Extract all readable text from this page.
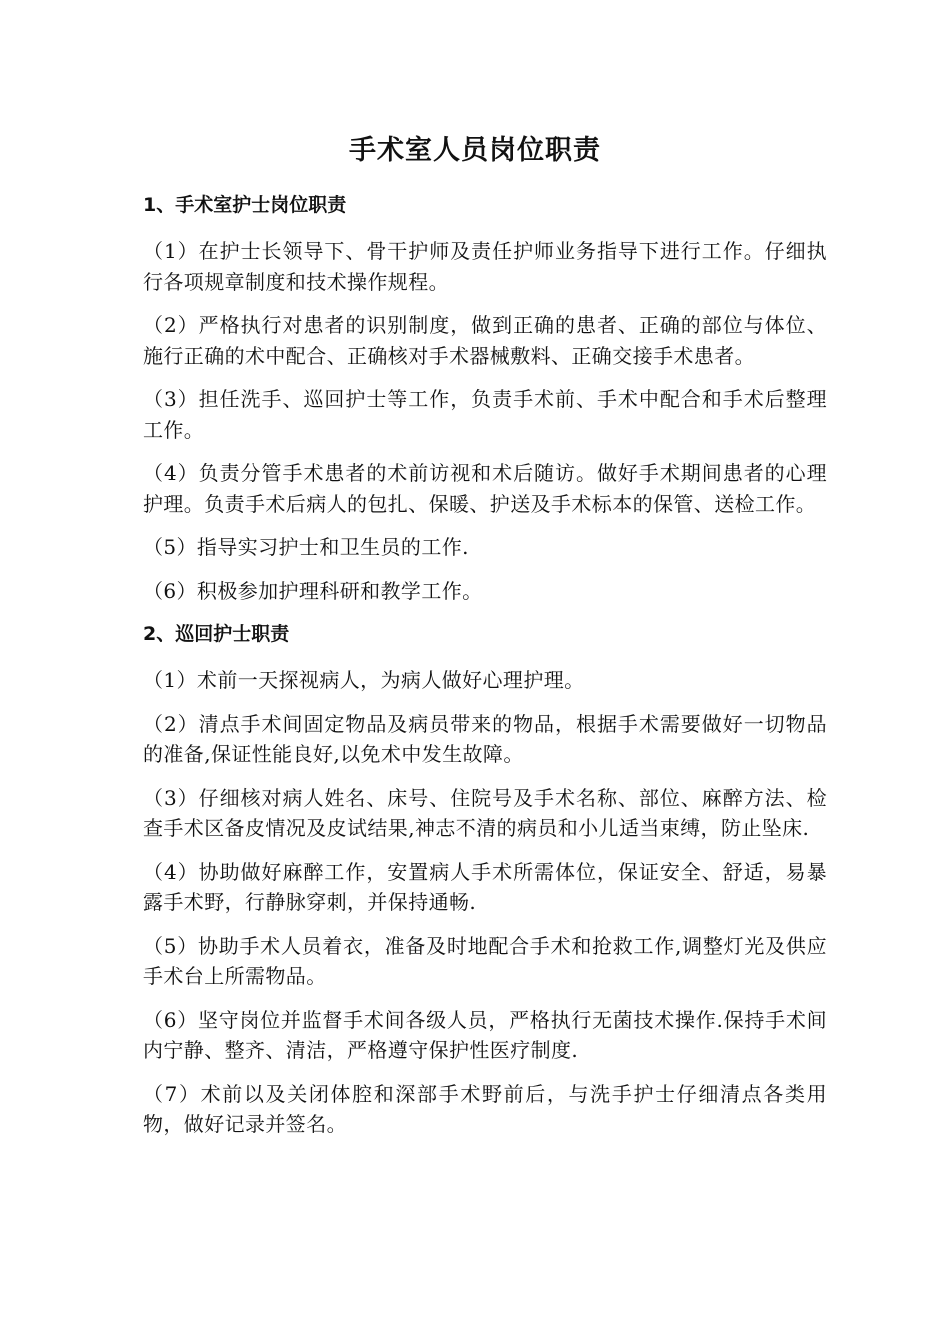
手术室人员岗位职责
1、手术室护士岗位职责

（1）在护士长领导下、骨干护师及责任护师业务指导下进行工作。仔细执行各项规章制度和技术操作规程。

（2）严格执行对患者的识别制度，做到正确的患者、正确的部位与体位、施行正确的术中配合、正确核对手术器械敷料、正确交接手术患者。

（3）担任洗手、巡回护士等工作，负责手术前、手术中配合和手术后整理工作。

（4）负责分管手术患者的术前访视和术后随访。做好手术期间患者的心理护理。负责手术后病人的包扎、保暖、护送及手术标本的保管、送检工作。

（5）指导实习护士和卫生员的工作.

（6）积极参加护理科研和教学工作。

2、巡回护士职责

（1）术前一天探视病人，为病人做好心理护理。

（2）清点手术间固定物品及病员带来的物品，根据手术需要做好一切物品的准备,保证性能良好,以免术中发生故障。

（3）仔细核对病人姓名、床号、住院号及手术名称、部位、麻醉方法、检查手术区备皮情况及皮试结果,神志不清的病员和小儿适当束缚，防止坠床.

（4）协助做好麻醉工作，安置病人手术所需体位，保证安全、舒适，易暴露手术野，行静脉穿刺，并保持通畅.

（5）协助手术人员着衣，准备及时地配合手术和抢救工作,调整灯光及供应手术台上所需物品。

（6）坚守岗位并监督手术间各级人员，严格执行无菌技术操作.保持手术间内宁静、整齐、清洁，严格遵守保护性医疗制度.

（7）术前以及关闭体腔和深部手术野前后，与洗手护士仔细清点各类用物，做好记录并签名。
